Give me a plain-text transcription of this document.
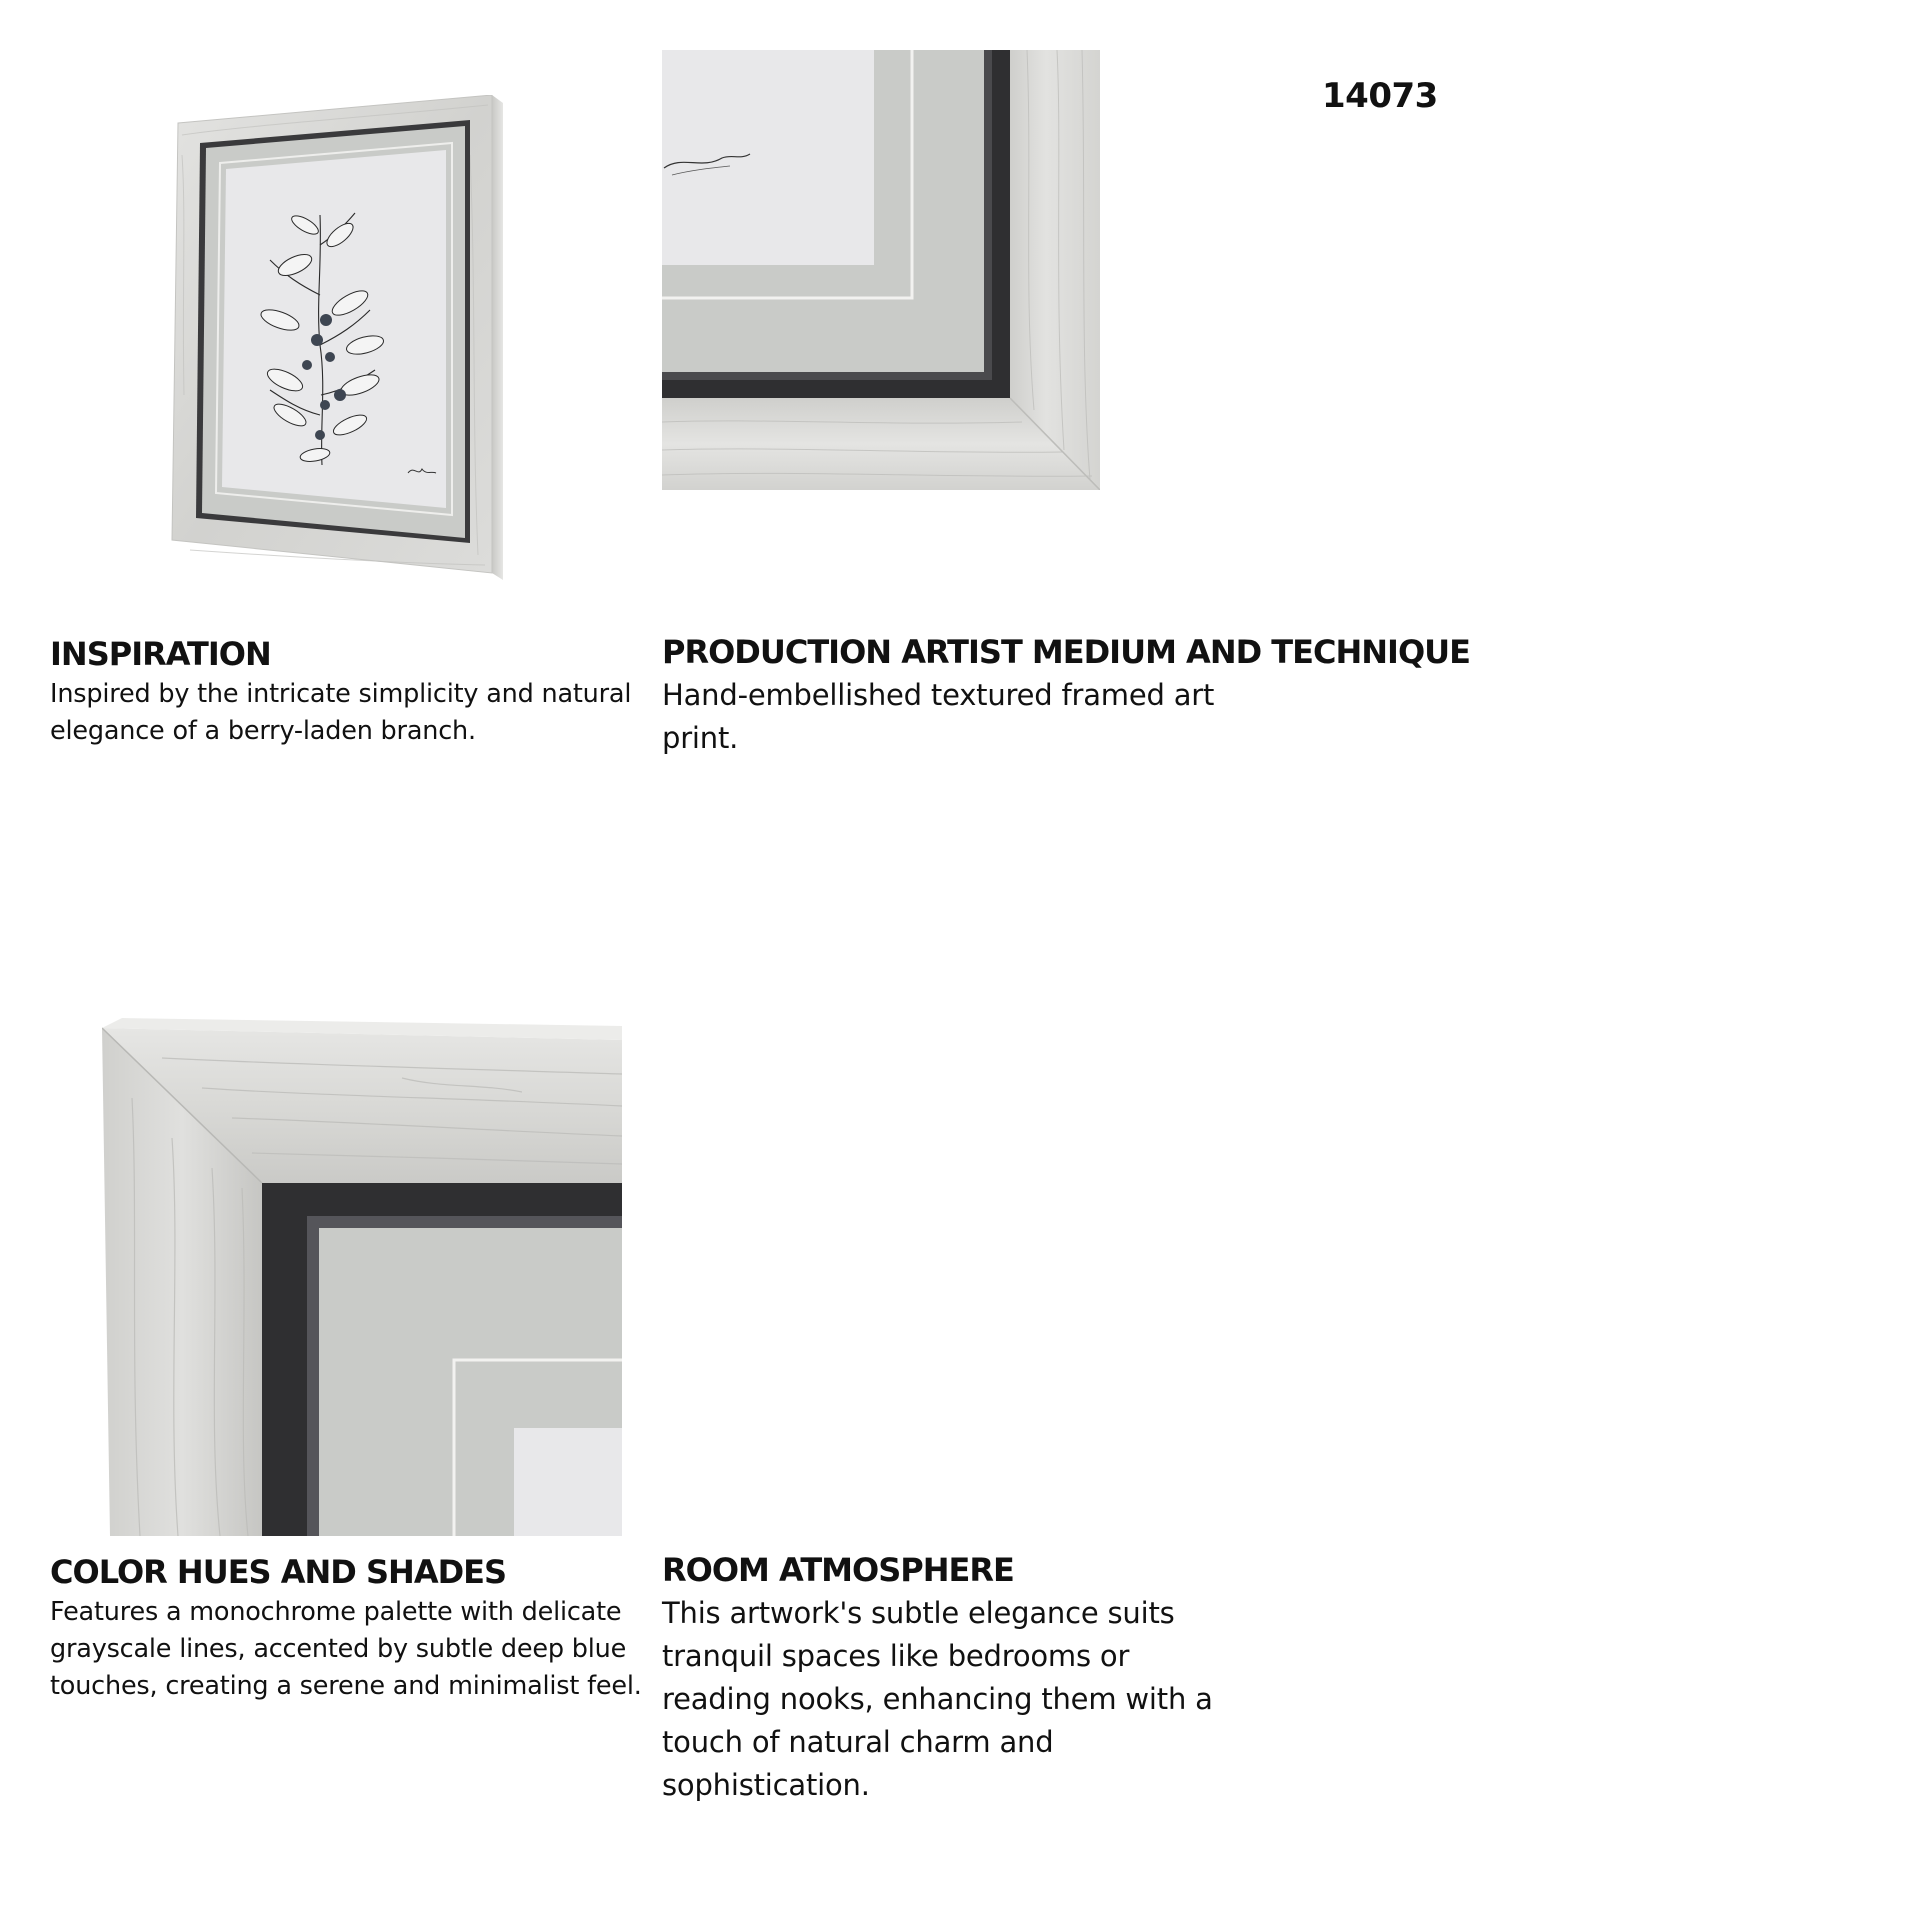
14073
INSPIRATION
Inspired by the intricate simplicity and natural
elegance of a berry-laden branch.
PRODUCTION ARTIST MEDIUM AND TECHNIQUE
Hand-embellished textured framed art
print.
COLOR HUES AND SHADES
Features a monochrome palette with delicate
grayscale lines, accented by subtle deep blue
touches, creating a serene and minimalist feel.
ROOM ATMOSPHERE
This artwork's subtle elegance suits
tranquil spaces like bedrooms or
reading nooks, enhancing them with a
touch of natural charm and
sophistication.
